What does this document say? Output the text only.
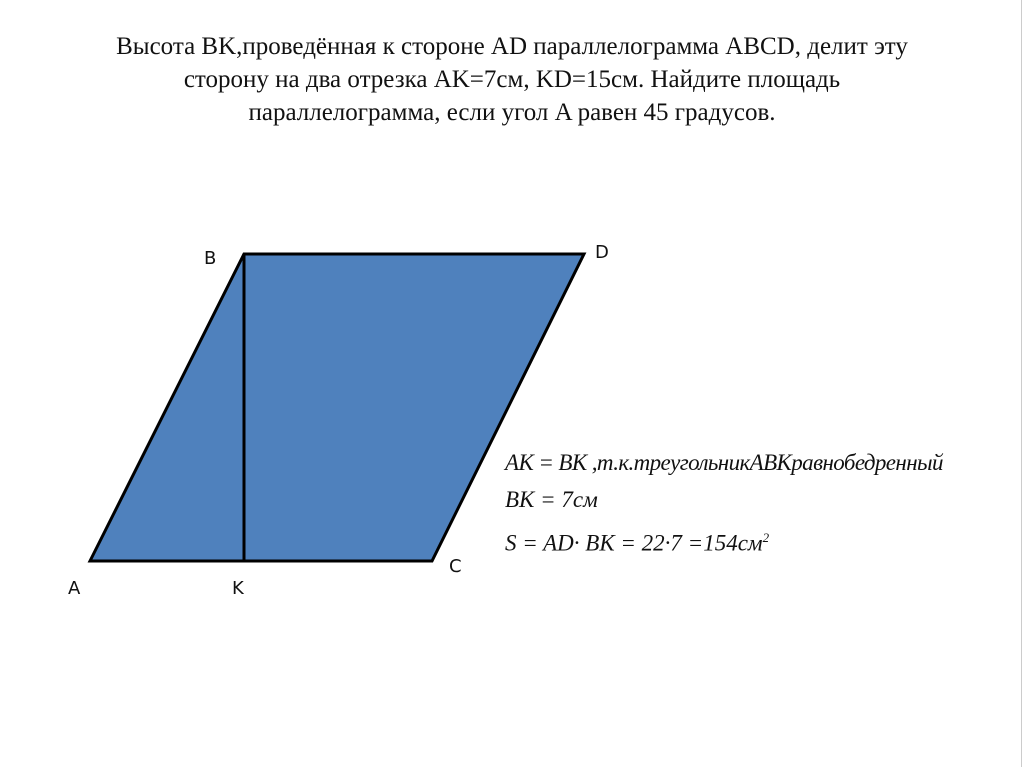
Высота BK,проведённая к стороне AD параллелограмма ABCD, делит эту
сторону на два отрезка AK=7см, KD=15см. Найдите площадь
параллелограмма, если угол A равен 45 градусов.
B	D
A	K
C
AK = BK ,т.к.треугольникABKравнобедренный
BK = 7см
S = AD· BK = $22\cdot 7 =154см^2$
